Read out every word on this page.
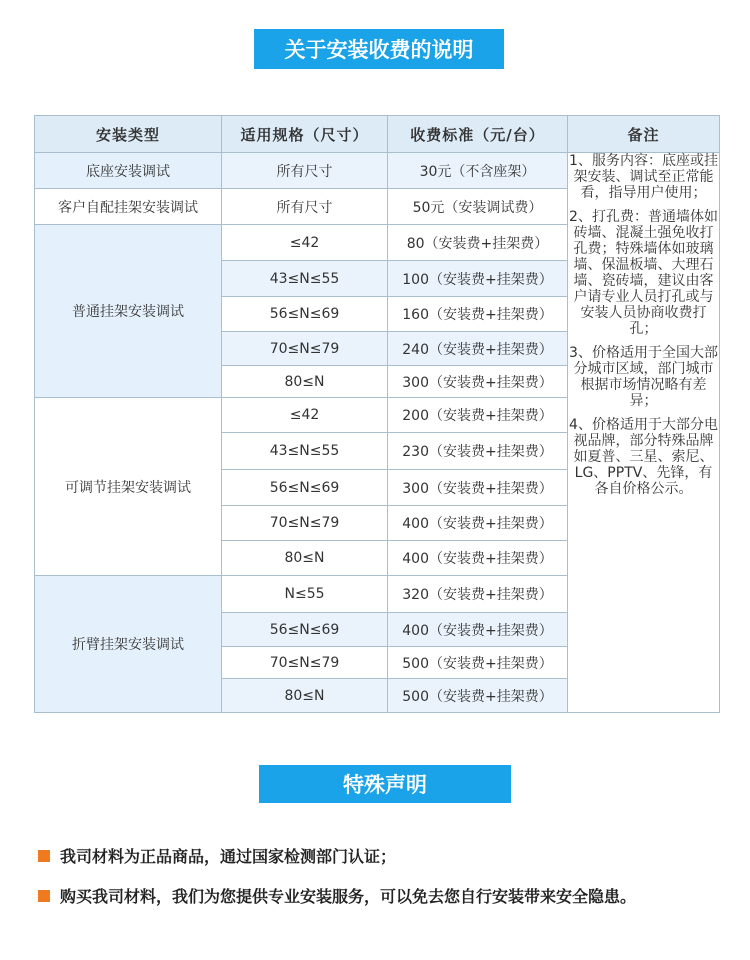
关于安装收费的说明
安装类型	适用规格（尺寸）	收费标准（元/台）	备注
底座安装调试	所有尺寸	30元（不含座架）	1、服务内容：底座或挂架安装、调试至正常能看，指导用户使用；

2、打孔费：普通墙体如砖墙、混凝土强免收打孔费；特殊墙体如玻璃墙、保温板墙、大理石墙、瓷砖墙，建议由客户请专业人员打孔或与安装人员协商收费打孔；

3、价格适用于全国大部分城市区域，部门城市根据市场情况略有差异；

4、价格适用于大部分电视品牌，部分特殊品牌如夏普、三星、索尼、LG、PPTV、先锋，有各自价格公示。

客户自配挂架安装调试	所有尺寸	50元（安装调试费）	
普通挂架安装调试	≤42	80（安装费+挂架费）	
	43≤N≤55	100（安装费+挂架费）	
	56≤N≤69	160（安装费+挂架费）	
	70≤N≤79	240（安装费+挂架费）	
	80≤N	300（安装费+挂架费）	
可调节挂架安装调试	≤42	200（安装费+挂架费）	
	43≤N≤55	230（安装费+挂架费）	
	56≤N≤69	300（安装费+挂架费）	
	70≤N≤79	400（安装费+挂架费）	
	80≤N	400（安装费+挂架费）	
折臂挂架安装调试	N≤55	320（安装费+挂架费）	
	56≤N≤69	400（安装费+挂架费）	
	70≤N≤79	500（安装费+挂架费）	
	80≤N	500（安装费+挂架费）	
特殊声明
我司材料为正品商品，通过国家检测部门认证；
购买我司材料，我们为您提供专业安装服务，可以免去您自行安装带来安全隐患。
